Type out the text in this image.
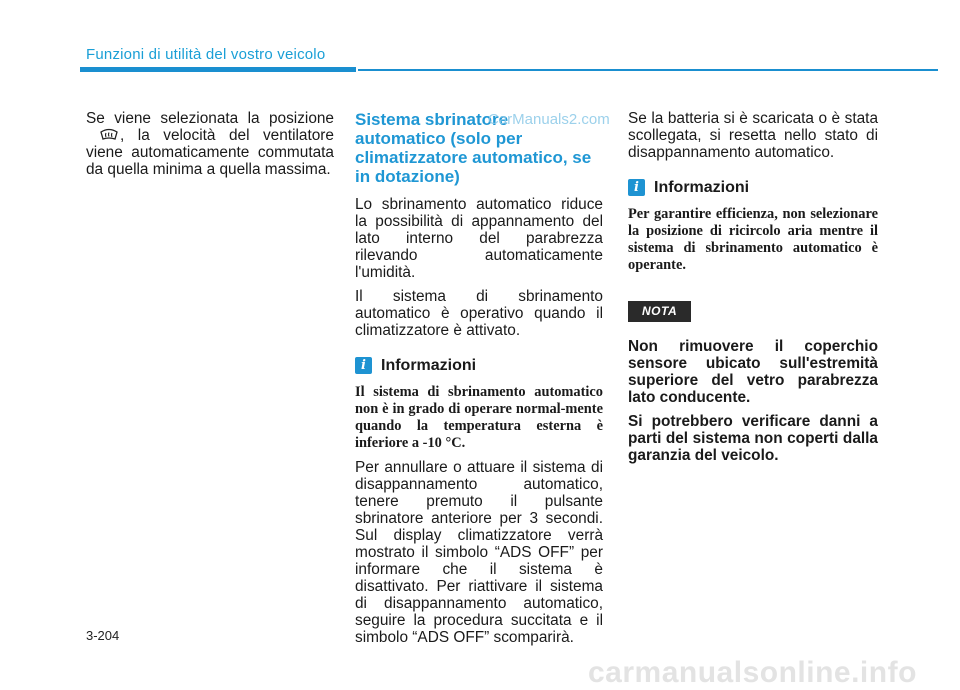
Funzioni di utilità del vostro veicolo

Se viene selezionata la posizione, la velocità del ventilatore viene automaticamente commutata da quella minima a quella massima.

Sistema sbrinatore automatico (solo per climatizzatore automatico, se in dotazione)
CarManuals2.com

Lo sbrinamento automatico riduce la possibilità di appannamento del lato interno del parabrezza rilevando automaticamente l'umidità.

Il sistema di sbrinamento automatico è operativo quando il climatizzatore è attivato.

i Informazioni

Il sistema di sbrinamento automatico non è in grado di operare normal-mente quando la temperatura esterna è inferiore a -10 °C.

Per annullare o attuare il sistema di disappannamento automatico, tenere premuto il pulsante sbrinatore anteriore per 3 secondi. Sul display climatizzatore verrà mostrato il simbolo “ADS OFF” per informare che il sistema è disattivato. Per riattivare il sistema di disappannamento automatico, seguire la procedura succitata e il simbolo “ADS OFF” scomparirà.

Se la batteria si è scaricata o è stata scollegata, si resetta nello stato di disappannamento automatico.

i Informazioni

Per garantire efficienza, non selezionare la posizione di ricircolo aria mentre il sistema di sbrinamento automatico è operante.

NOTA

Non rimuovere il coperchio sensore ubicato sull'estremità superiore del vetro parabrezza lato conducente.

Si potrebbero verificare danni a parti del sistema non coperti dalla garanzia del veicolo.

3-204
carmanualsonline.info
